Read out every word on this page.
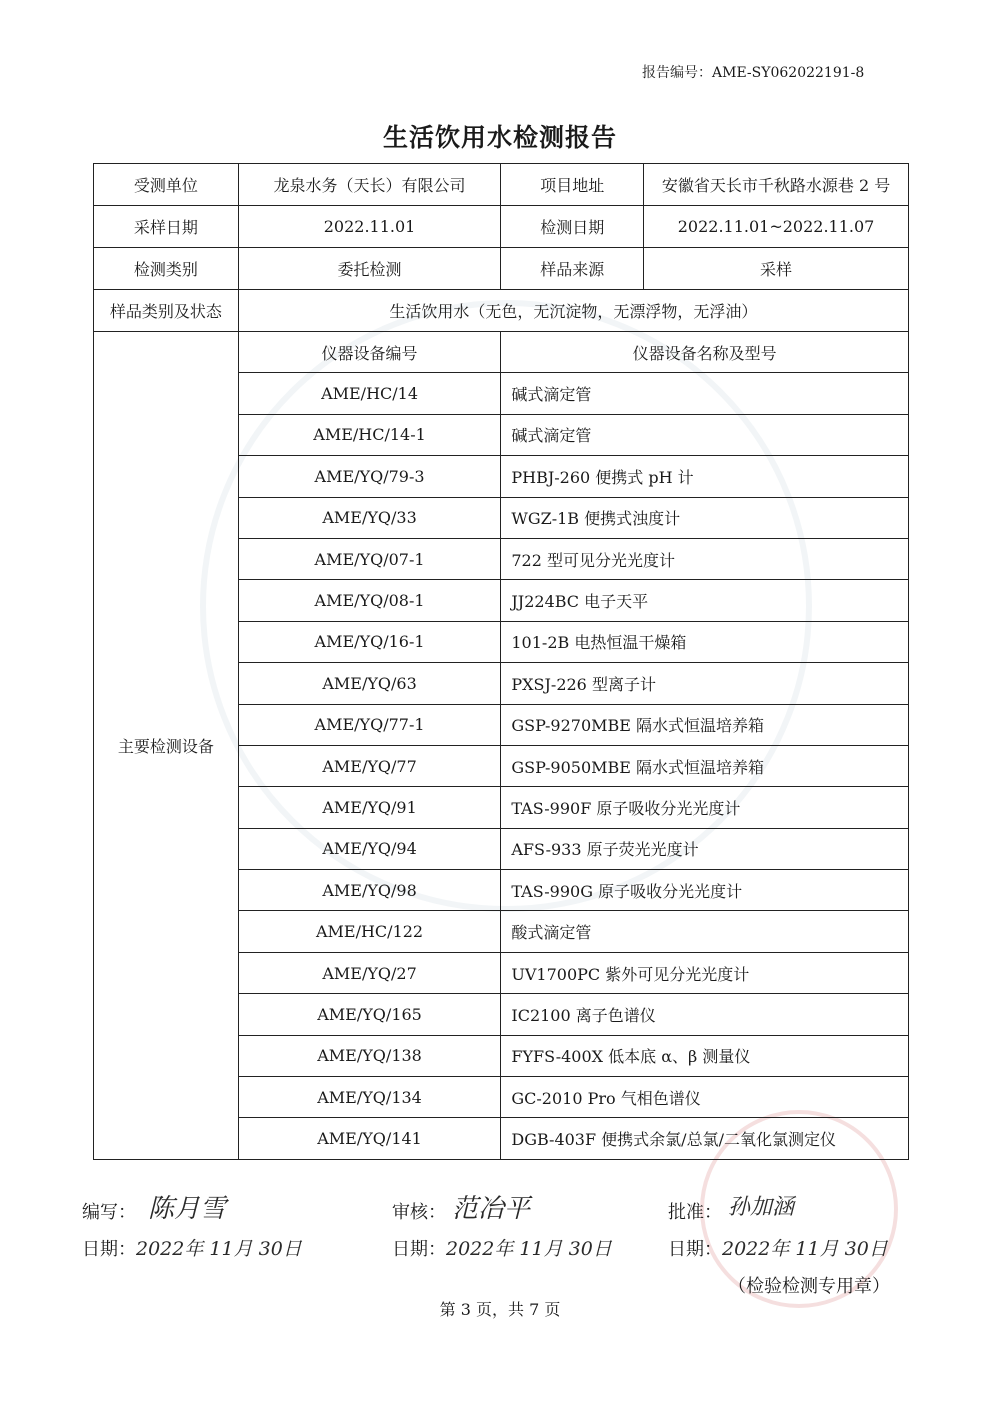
报告编号：AME-SY062022191-8
生活饮用水检测报告
受测单位	龙泉水务（天长）有限公司	项目地址	安徽省天长市千秋路水源巷 2 号
采样日期	2022.11.01	检测日期	2022.11.01~2022.11.07
检测类别	委托检测	样品来源	采样
样品类别及状态	生活饮用水（无色，无沉淀物，无漂浮物，无浮油）		
主要检测设备	仪器设备编号	仪器设备名称及型号	
	AME/HC/14	碱式滴定管	
	AME/HC/14-1	碱式滴定管	
	AME/YQ/79-3	PHBJ-260 便携式 pH 计	
	AME/YQ/33	WGZ-1B 便携式浊度计	
	AME/YQ/07-1	722 型可见分光光度计	
	AME/YQ/08-1	JJ224BC 电子天平	
	AME/YQ/16-1	101-2B 电热恒温干燥箱	
	AME/YQ/63	PXSJ-226 型离子计	
	AME/YQ/77-1	GSP-9270MBE 隔水式恒温培养箱	
	AME/YQ/77	GSP-9050MBE 隔水式恒温培养箱	
	AME/YQ/91	TAS-990F 原子吸收分光光度计	
	AME/YQ/94	AFS-933 原子荧光光度计	
	AME/YQ/98	TAS-990G 原子吸收分光光度计	
	AME/HC/122	酸式滴定管	
	AME/YQ/27	UV1700PC 紫外可见分光光度计	
	AME/YQ/165	IC2100 离子色谱仪	
	AME/YQ/138	FYFS-400X 低本底 α、β 测量仪	
	AME/YQ/134	GC-2010 Pro 气相色谱仪	
	AME/YQ/141	DGB-403F 便携式余氯/总氯/二氧化氯测定仪	
编写： 陈月雪
日期：2022年 11月 30日
审核： 范冶平
日期：2022年 11月 30日
批准： 孙加涵
日期：2022年 11月 30日
（检验检测专用章）
第 3 页，共 7 页
